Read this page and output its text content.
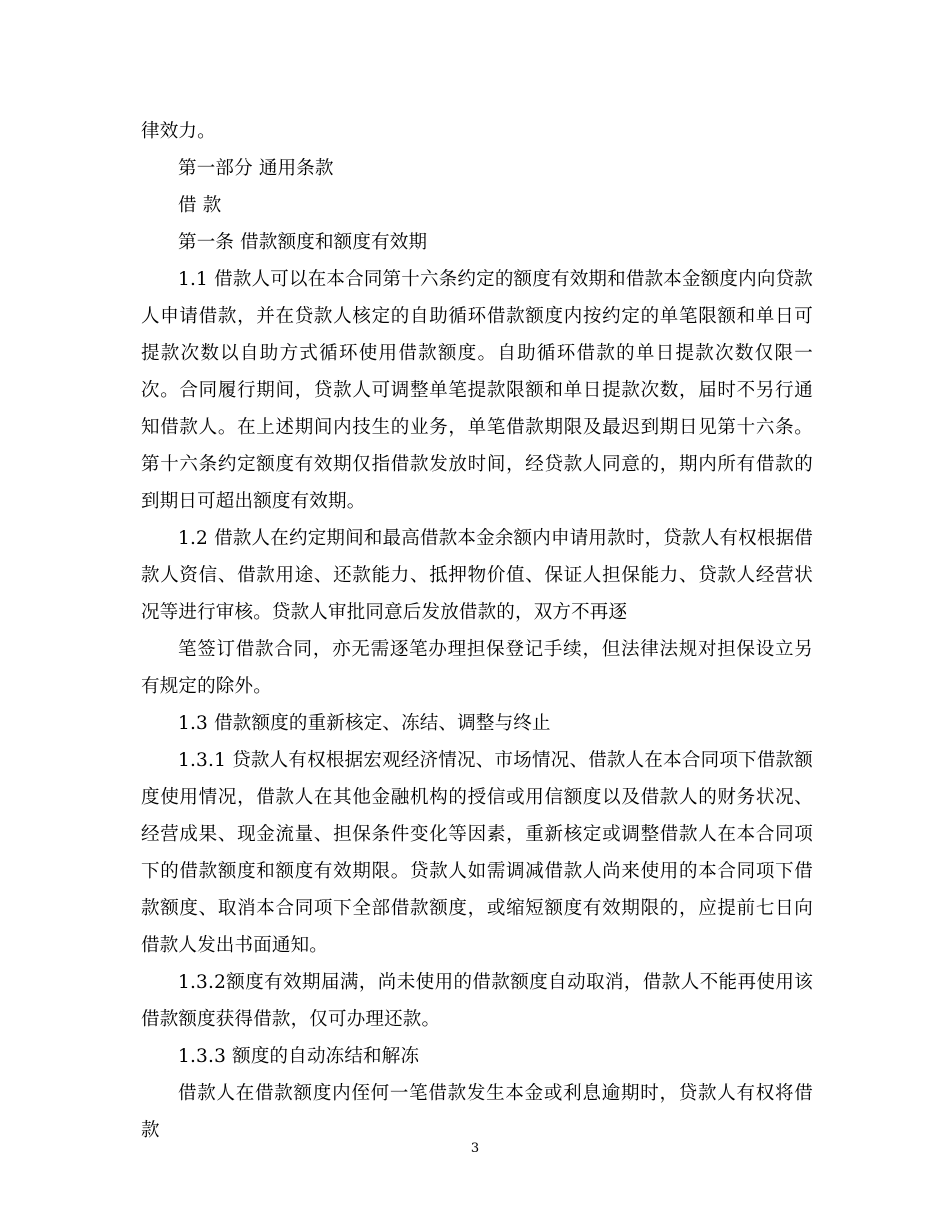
律效力。

第一部分 通用条款

借 款

第一条 借款额度和额度有效期

1.1 借款人可以在本合同第十六条约定的额度有效期和借款本金额度内向贷款人申请借款，并在贷款人核定的自助循环借款额度内按约定的单笔限额和单日可提款次数以自助方式循环使用借款额度。自助循环借款的单日提款次数仅限一次。合同履行期间，贷款人可调整单笔提款限额和单日提款次数，届时不另行通知借款人。在上述期间内技生的业务，单笔借款期限及最迟到期日见第十六条。第十六条约定额度有效期仅指借款发放时间，经贷款人同意的，期内所有借款的到期日可超出额度有效期。

1.2 借款人在约定期间和最高借款本金余额内申请用款时，贷款人有权根据借款人资信、借款用途、还款能力、抵押物价值、保证人担保能力、贷款人经营状况等进行审核。贷款人审批同意后发放借款的，双方不再逐

笔签订借款合同，亦无需逐笔办理担保登记手续，但法律法规对担保设立另有规定的除外。

1.3 借款额度的重新核定、冻结、调整与终止

1.3.1 贷款人有权根据宏观经济情况、市场情况、借款人在本合同项下借款额度使用情况，借款人在其他金融机构的授信或用信额度以及借款人的财务状况、经营成果、现金流量、担保条件变化等因素，重新核定或调整借款人在本合同项下的借款额度和额度有效期限。贷款人如需调减借款人尚来使用的本合同项下借款额度、取消本合同项下全部借款额度，或缩短额度有效期限的，应提前七日向借款人发出书面通知。

1.3.2额度有效期届满，尚未使用的借款额度自动取消，借款人不能再使用该借款额度获得借款，仅可办理还款。

1.3.3 额度的自动冻结和解冻

借款人在借款额度内侄何一笔借款发生本金或利息逾期时，贷款人有权将借款

3
